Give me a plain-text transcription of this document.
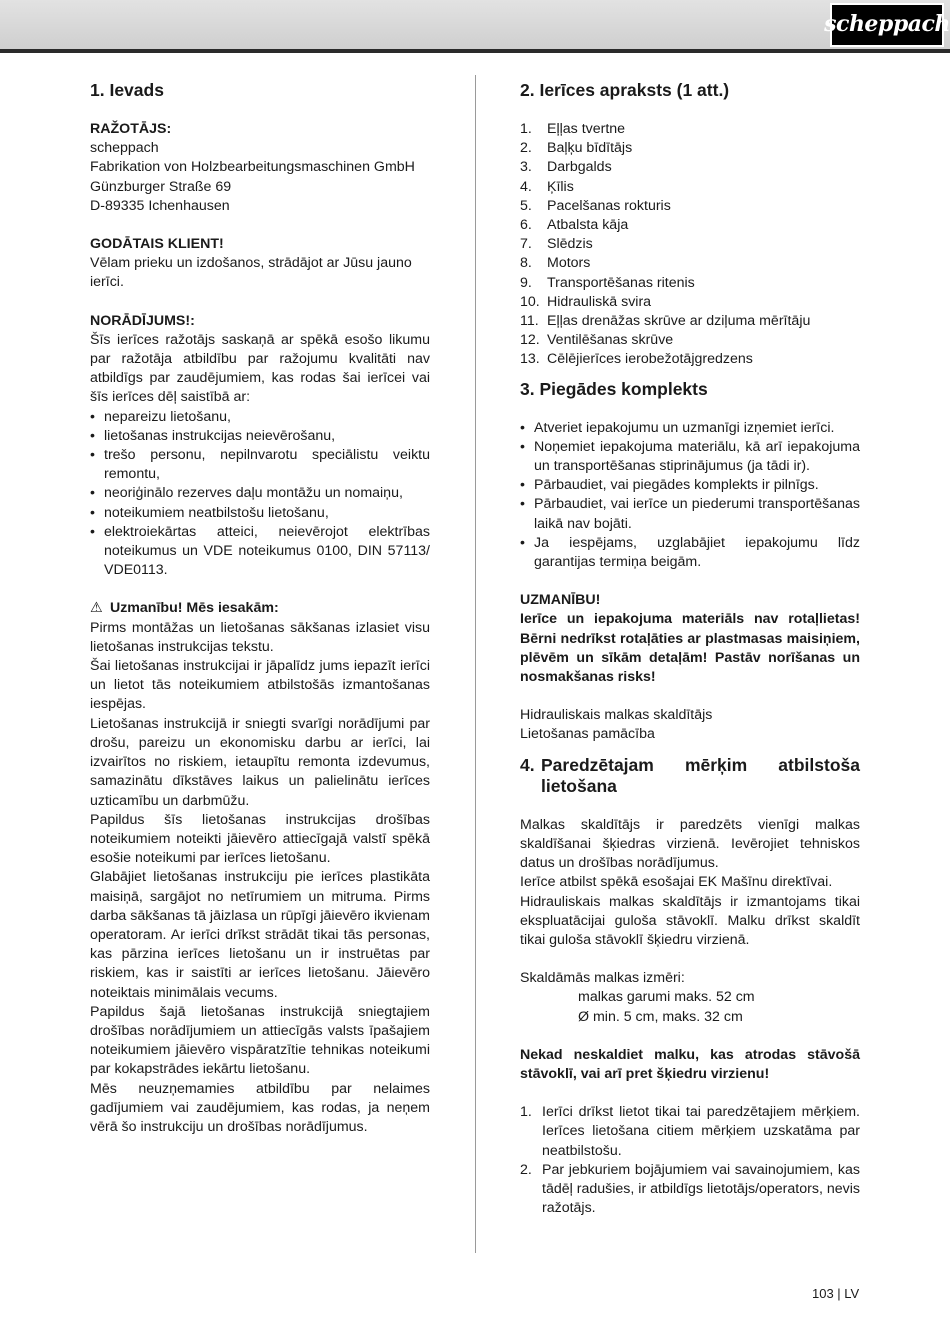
scheppach
1. Ievads

RAŽOTĀJS:

scheppach

Fabrikation von Holzbearbeitungsmaschinen GmbH

Günzburger Straße 69

D-89335 Ichenhausen

GODĀTAIS KLIENT!

Vēlam prieku un izdošanos, strādājot ar Jūsu jauno ierīci.

NORĀDĪJUMS!:

Šīs ierīces ražotājs saskaņā ar spēkā esošo likumu par ražotāja atbildību par ražojumu kvalitāti nav atbildīgs par zaudējumiem, kas rodas šai ierīcei vai šīs ierīces dēļ saistībā ar:

• nepareizu lietošanu,
• lietošanas instrukcijas neievērošanu,
• trešo personu, nepilnvarotu speciālistu veiktu remontu,
• neoriģinālo rezerves daļu montāžu un nomaiņu,
• noteikumiem neatbilstošu lietošanu,
• elektroiekārtas atteici, neievērojot elektrības noteikumus un VDE noteikumus 0100, DIN 57113/ VDE0113.

⚠ Uzmanību! Mēs iesakām:

Pirms montāžas un lietošanas sākšanas izlasiet visu lietošanas instrukcijas tekstu.

Šai lietošanas instrukcijai ir jāpalīdz jums iepazīt ierīci un lietot tās noteikumiem atbilstošās izmantošanas iespējas.

Lietošanas instrukcijā ir sniegti svarīgi norādījumi par drošu, pareizu un ekonomisku darbu ar ierīci, lai izvairītos no riskiem, ietaupītu remonta izdevumus, samazinātu dīkstāves laikus un palielinātu ierīces uzticamību un darbmūžu.

Papildus šīs lietošanas instrukcijas drošības noteikumiem noteikti jāievēro attiecīgajā valstī spēkā esošie noteikumi par ierīces lietošanu.

Glabājiet lietošanas instrukciju pie ierīces plastikāta maisiņā, sargājot no netīrumiem un mitruma. Pirms darba sākšanas tā jāizlasa un rūpīgi jāievēro ikvienam operatoram. Ar ierīci drīkst strādāt tikai tās personas, kas pārzina ierīces lietošanu un ir instruētas par riskiem, kas ir saistīti ar ierīces lietošanu. Jāievēro noteiktais minimālais vecums.

Papildus šajā lietošanas instrukcijā sniegtajiem drošības norādījumiem un attiecīgās valsts īpašajiem noteikumiem jāievēro vispāratzītie tehnikas noteikumi par kokapstrādes iekārtu lietošanu.

Mēs neuzņemamies atbildību par nelaimes gadījumiem vai zaudējumiem, kas rodas, ja neņem vērā šo instrukciju un drošības norādījumus.

2. Ierīces apraksts (1 att.)
1.	Eļļas tvertne
2.	Baļķu bīdītājs
3.	Darbgalds
4.	Ķīlis
5.	Pacelšanas rokturis
6.	Atbalsta kāja
7.	Slēdzis
8.	Motors
9.	Transportēšanas ritenis
10. Hidrauliskā svira
11. Eļļas drenāžas skrūve ar dziļuma mērītāju
12. Ventilēšanas skrūve
13. Cēlējierīces ierobežotājgredzens
3. Piegādes komplekts
• Atveriet iepakojumu un uzmanīgi izņemiet ierīci.
• Noņemiet iepakojuma materiālu, kā arī iepakojuma un transportēšanas stiprinājumus (ja tādi ir).
• Pārbaudiet, vai piegādes komplekts ir pilnīgs.
• Pārbaudiet, vai ierīce un piederumi transportēšanas laikā nav bojāti.
• Ja iespējams, uzglabājiet iepakojumu līdz garantijas termiņa beigām.

UZMANĪBU!

Ierīce un iepakojuma materiāls nav rotaļlietas! Bērni nedrīkst rotaļāties ar plastmasas maisiņiem, plēvēm un sīkām detaļām! Pastāv norīšanas un nosmakšanas risks!

Hidrauliskais malkas skaldītājs

Lietošanas pamācība

4. Paredzētajam mērķim atbilstoša lietošana

Malkas skaldītājs ir paredzēts vienīgi malkas skaldīšanai šķiedras virzienā. Ievērojiet tehniskos datus un drošības norādījumus.

Ierīce atbilst spēkā esošajai EK Mašīnu direktīvai.

Hidrauliskais malkas skaldītājs ir izmantojams tikai ekspluatācijai guloša stāvoklī. Malku drīkst skaldīt tikai guloša stāvoklī šķiedru virzienā.

Skaldāmās malkas izmēri:

malkas garumi maks. 52 cm

Ø min. 5 cm, maks. 32 cm

Nekad neskaldiet malku, kas atrodas stāvošā stāvoklī, vai arī pret šķiedru virzienu!

1. Ierīci drīkst lietot tikai tai paredzētajiem mērķiem. Ierīces lietošana citiem mērķiem uzskatāma par neatbilstošu.
2. Par jebkuriem bojājumiem vai savainojumiem, kas tādēļ radušies, ir atbildīgs lietotājs/operators, nevis ražotājs.
103 | LV
